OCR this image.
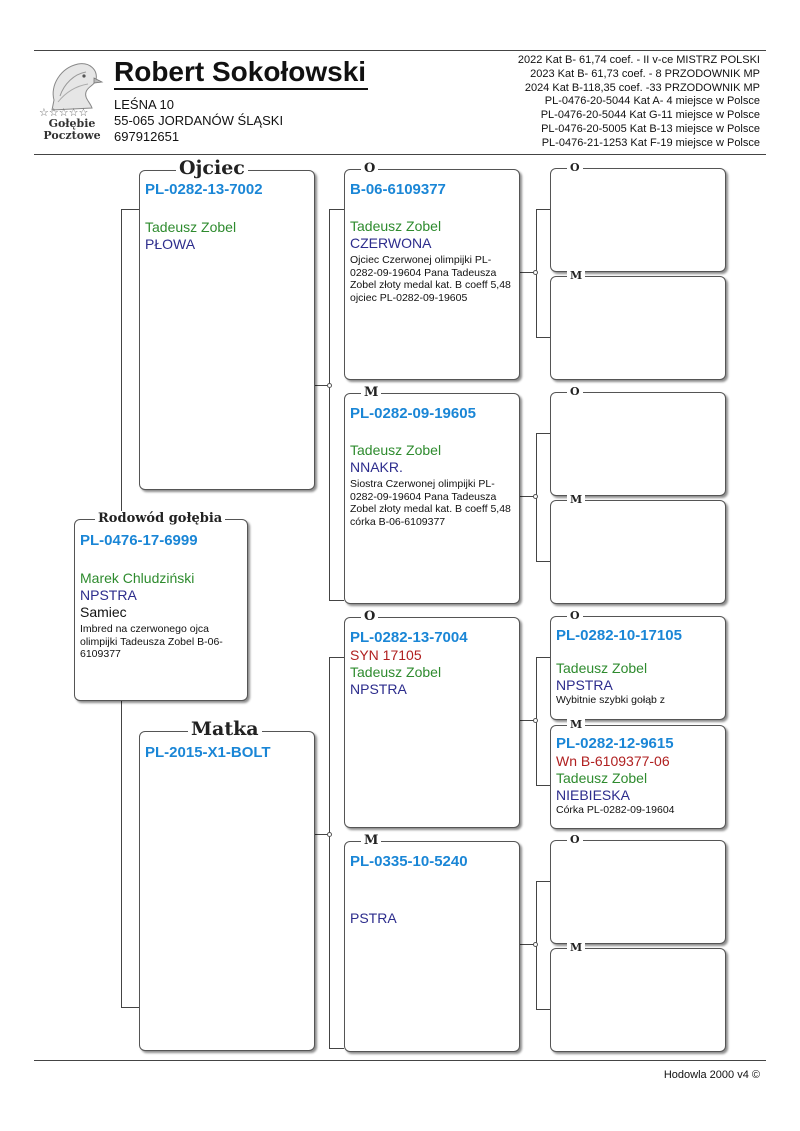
☆☆☆☆☆
Gołębie
Pocztowe
Robert Sokołowski
LEŚNA 10
55-065 JORDANÓW ŚLĄSKI
697912651
2022 Kat B- 61,74 coef. - II v-ce MISTRZ POLSKI
2023 Kat B- 61,73 coef. - 8 PRZODOWNIK MP
2024 Kat B-118,35 coef. -33 PRZODOWNIK MP
PL-0476-20-5044 Kat A- 4 miejsce w Polsce
PL-0476-20-5044 Kat G-11 miejsce w Polsce
PL-0476-20-5005 Kat B-13 miejsce w Polsce
PL-0476-21-1253 Kat F-19 miejsce w Polsce
Rodowód gołębia
PL-0476-17-6999
Marek Chludziński
NPSTRA
Samiec
Imbred na czerwonego ojca olimpijki Tadeusza Zobel B-06-6109377
Ojciec
PL-0282-13-7002
Tadeusz Zobel
PŁOWA
Matka
PL-2015-X1-BOLT
O
B-06-6109377
Tadeusz Zobel
CZERWONA
Ojciec Czerwonej olimpijki PL-0282-09-19604 Pana Tadeusza Zobel złoty medal kat. B coeff 5,48 ojciec PL-0282-09-19605
M
PL-0282-09-19605
Tadeusz Zobel
NNAKR.
Siostra Czerwonej olimpijki PL-0282-09-19604 Pana Tadeusza Zobel złoty medal kat. B coeff 5,48 córka B-06-6109377
O
PL-0282-13-7004
SYN 17105
Tadeusz Zobel
NPSTRA
M
PL-0335-10-5240
PSTRA
O
M
O
M
O
PL-0282-10-17105
Tadeusz Zobel
NPSTRA
Wybitnie szybki gołąb z
M
PL-0282-12-9615
Wn B-6109377-06
Tadeusz Zobel
NIEBIESKA
Córka PL-0282-09-19604
O
M
Hodowla 2000 v4 ©
